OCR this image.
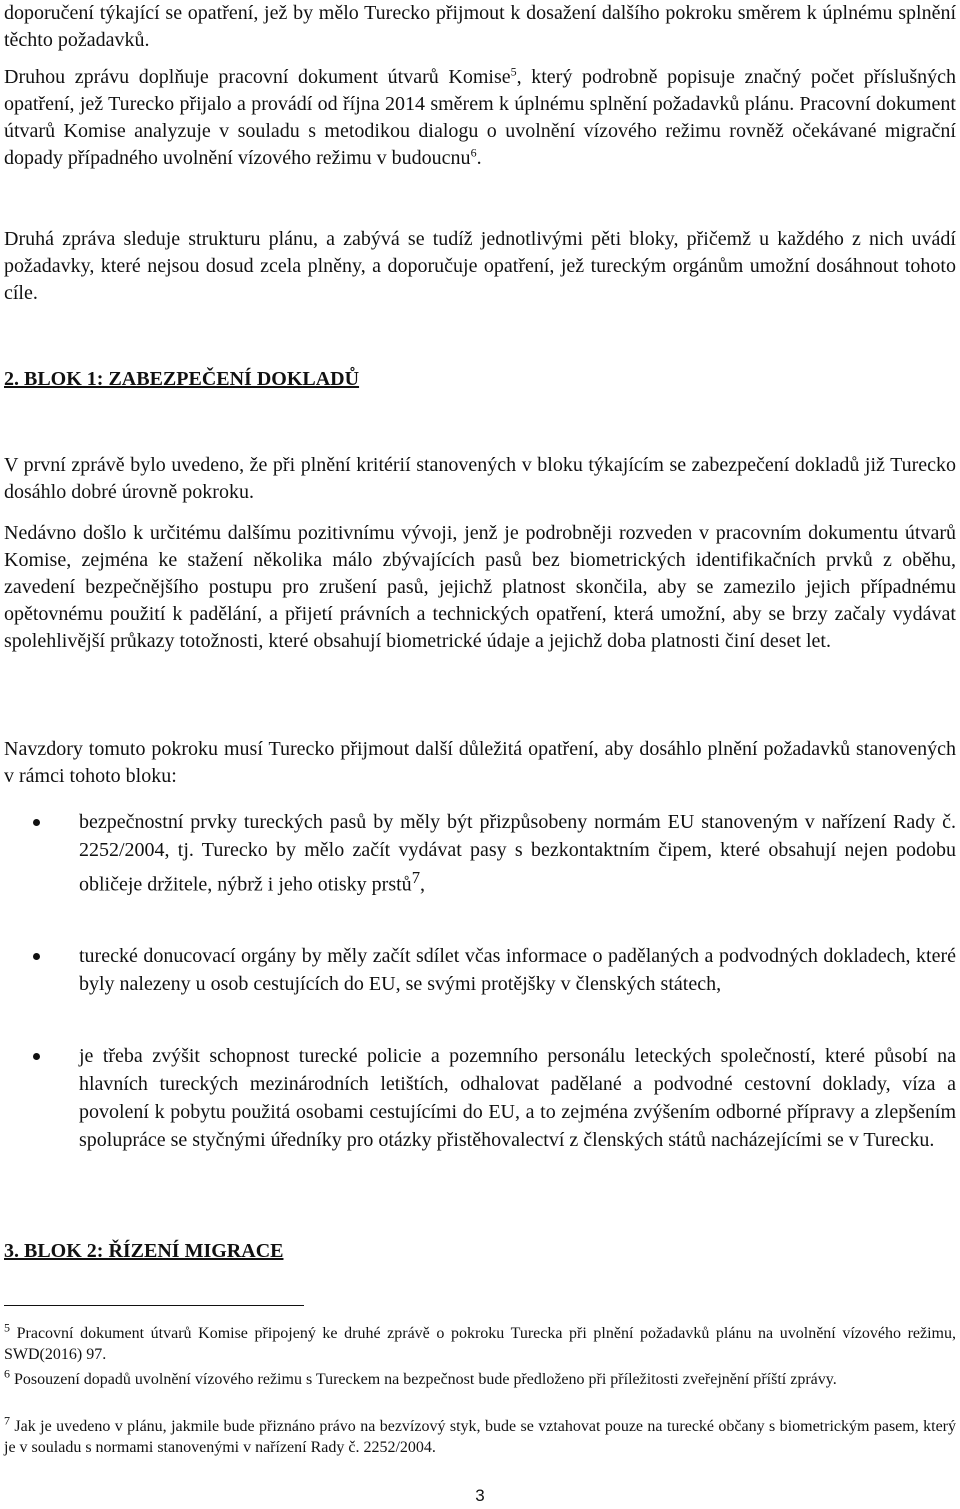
doporučení týkající se opatření, jež by mělo Turecko přijmout k dosažení dalšího pokroku směrem k úplnému splnění těchto požadavků.

Druhou zprávu doplňuje pracovní dokument útvarů Komise$^5$, který podrobně popisuje značný počet příslušných opatření, jež Turecko přijalo a provádí od října 2014 směrem k úplnému splnění požadavků plánu. Pracovní dokument útvarů Komise analyzuje v souladu s metodikou dialogu o uvolnění vízového režimu rovněž očekávané migrační dopady případného uvolnění vízového režimu v budoucnu$^6$.

Druhá zpráva sleduje strukturu plánu, a zabývá se tudíž jednotlivými pěti bloky, přičemž u každého z nich uvádí požadavky, které nejsou dosud zcela plněny, a doporučuje opatření, jež tureckým orgánům umožní dosáhnout tohoto cíle.

2. BLOK 1: ZABEZPEČENÍ DOKLADŮ

V první zprávě bylo uvedeno, že při plnění kritérií stanovených v bloku týkajícím se zabezpečení dokladů již Turecko dosáhlo dobré úrovně pokroku.

Nedávno došlo k určitému dalšímu pozitivnímu vývoji, jenž je podrobněji rozveden v pracovním dokumentu útvarů Komise, zejména ke stažení několika málo zbývajících pasů bez biometrických identifikačních prvků z oběhu, zavedení bezpečnějšího postupu pro zrušení pasů, jejichž platnost skončila, aby se zamezilo jejich případnému opětovnému použití k padělání, a přijetí právních a technických opatření, která umožní, aby se brzy začaly vydávat spolehlivější průkazy totožnosti, které obsahují biometrické údaje a jejichž doba platnosti činí deset let.

Navzdory tomuto pokroku musí Turecko přijmout další důležitá opatření, aby dosáhlo plnění požadavků stanovených v rámci tohoto bloku:

bezpečnostní prvky tureckých pasů by měly být přizpůsobeny normám EU stanoveným v nařízení Rady č. 2252/2004, tj. Turecko by mělo začít vydávat pasy s bezkontaktním čipem, které obsahují nejen podobu obličeje držitele, nýbrž i jeho otisky prstů$^7$,

turecké donucovací orgány by měly začít sdílet včas informace o padělaných a podvodných dokladech, které byly nalezeny u osob cestujících do EU, se svými protějšky v členských státech,

je třeba zvýšit schopnost turecké policie a pozemního personálu leteckých společností, které působí na hlavních tureckých mezinárodních letištích, odhalovat padělané a podvodné cestovní doklady, víza a povolení k pobytu použitá osobami cestujícími do EU, a to zejména zvýšením odborné přípravy a zlepšením spolupráce se styčnými úředníky pro otázky přistěhovalectví z členských států nacházejícími se v Turecku.

3. BLOK 2: ŘÍZENÍ MIGRACE

$^5$ Pracovní dokument útvarů Komise připojený ke druhé zprávě o pokroku Turecka při plnění požadavků plánu na uvolnění vízového režimu, SWD(2016) 97.

$^6$ Posouzení dopadů uvolnění vízového režimu s Tureckem na bezpečnost bude předloženo při příležitosti zveřejnění příští zprávy.

$^7$ Jak je uvedeno v plánu, jakmile bude přiznáno právo na bezvízový styk, bude se vztahovat pouze na turecké občany s biometrickým pasem, který je v souladu s normami stanovenými v nařízení Rady č. 2252/2004.

3
